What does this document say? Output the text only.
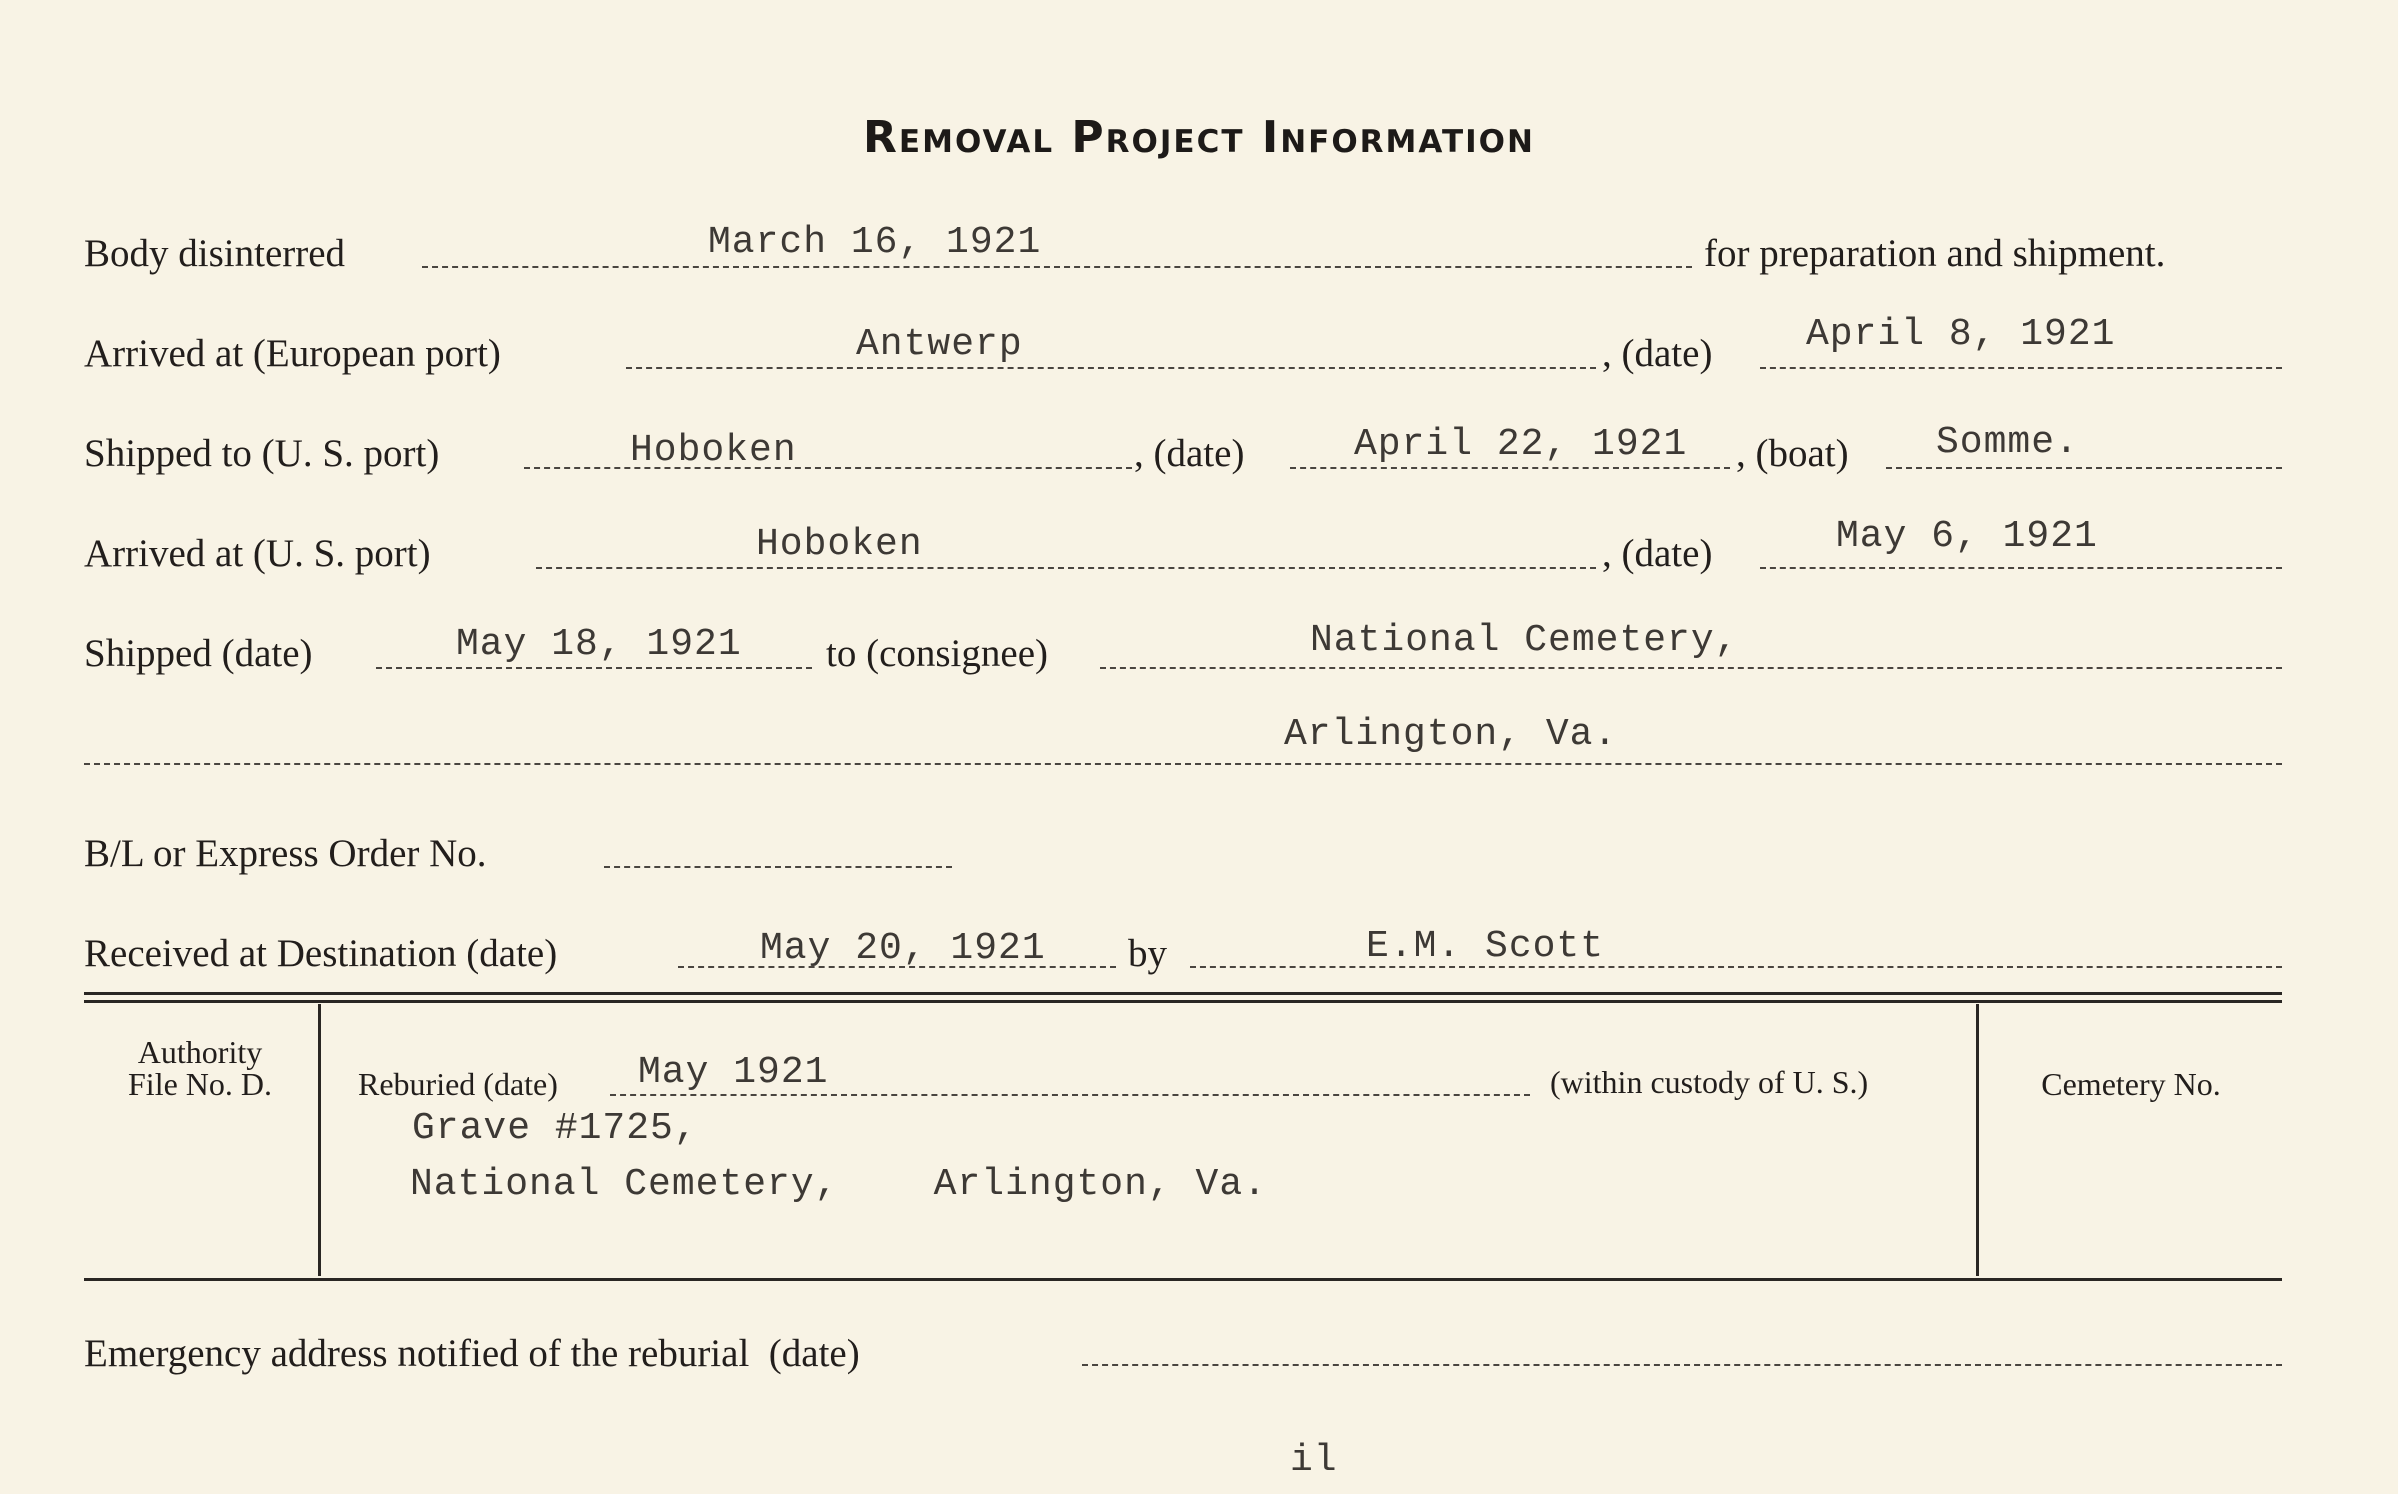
Removal Project Information
Body disinterred	March 16, 1921	for preparation and shipment.
Arrived at (European port)	Antwerp	, (date) April 8, 1921
Shipped to (U. S. port)	Hoboken	, (date)	April 22, 1921 , (boat) Somme.
Arrived at (U. S. port)	Hoboken	, (date)	May 6, 1921
Shipped (date)	May 18, 1921 to (consignee)	National Cemetery,
Arlington, Va.
B/L or Express Order No.
Received at Destination (date)	May 20, 1921 by	E.M. Scott
Authority
File No. D.	Reburied (date) May 1921	(within custody of U. S.)
Grave #1725,
National Cemetery,    Arlington, Va.
Cemetery No.
Emergency address notified of the reburial  (date)
il
